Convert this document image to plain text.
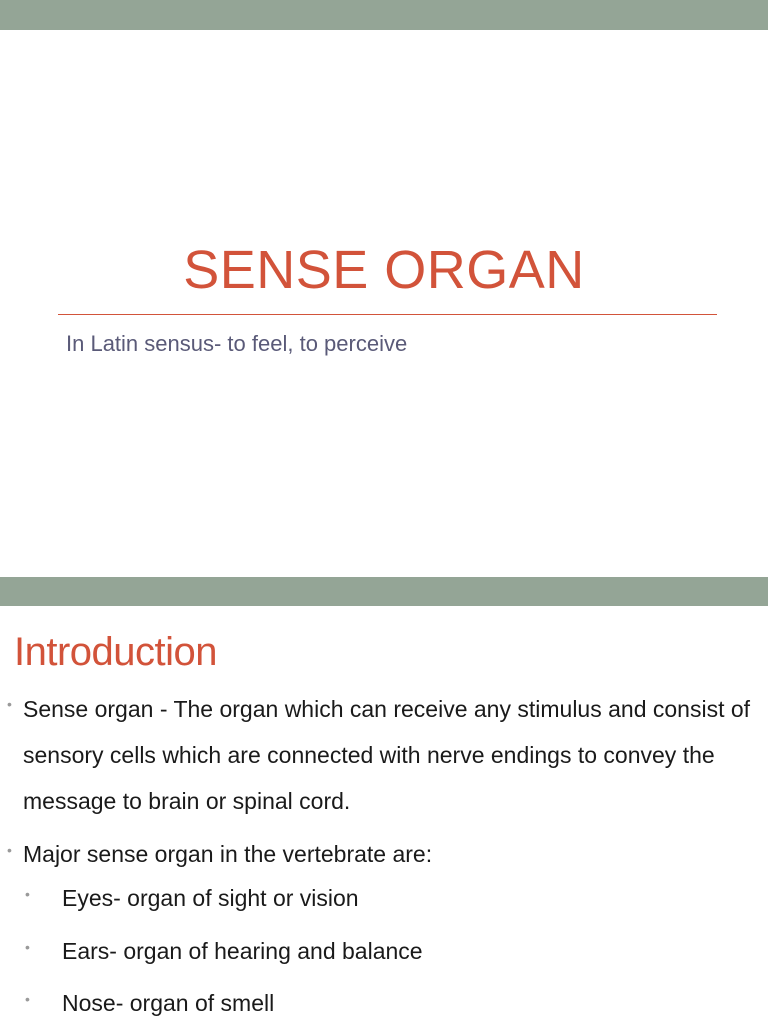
SENSE ORGAN

In Latin sensus- to feel, to perceive

Introduction
• Sense organ - The organ which can receive any stimulus and consist of sensory cells which are connected with nerve endings to convey the message to brain or spinal cord.
• Major sense organ in the vertebrate are:
• Eyes- organ of sight or vision
• Ears- organ of hearing and balance
• Nose- organ of smell
